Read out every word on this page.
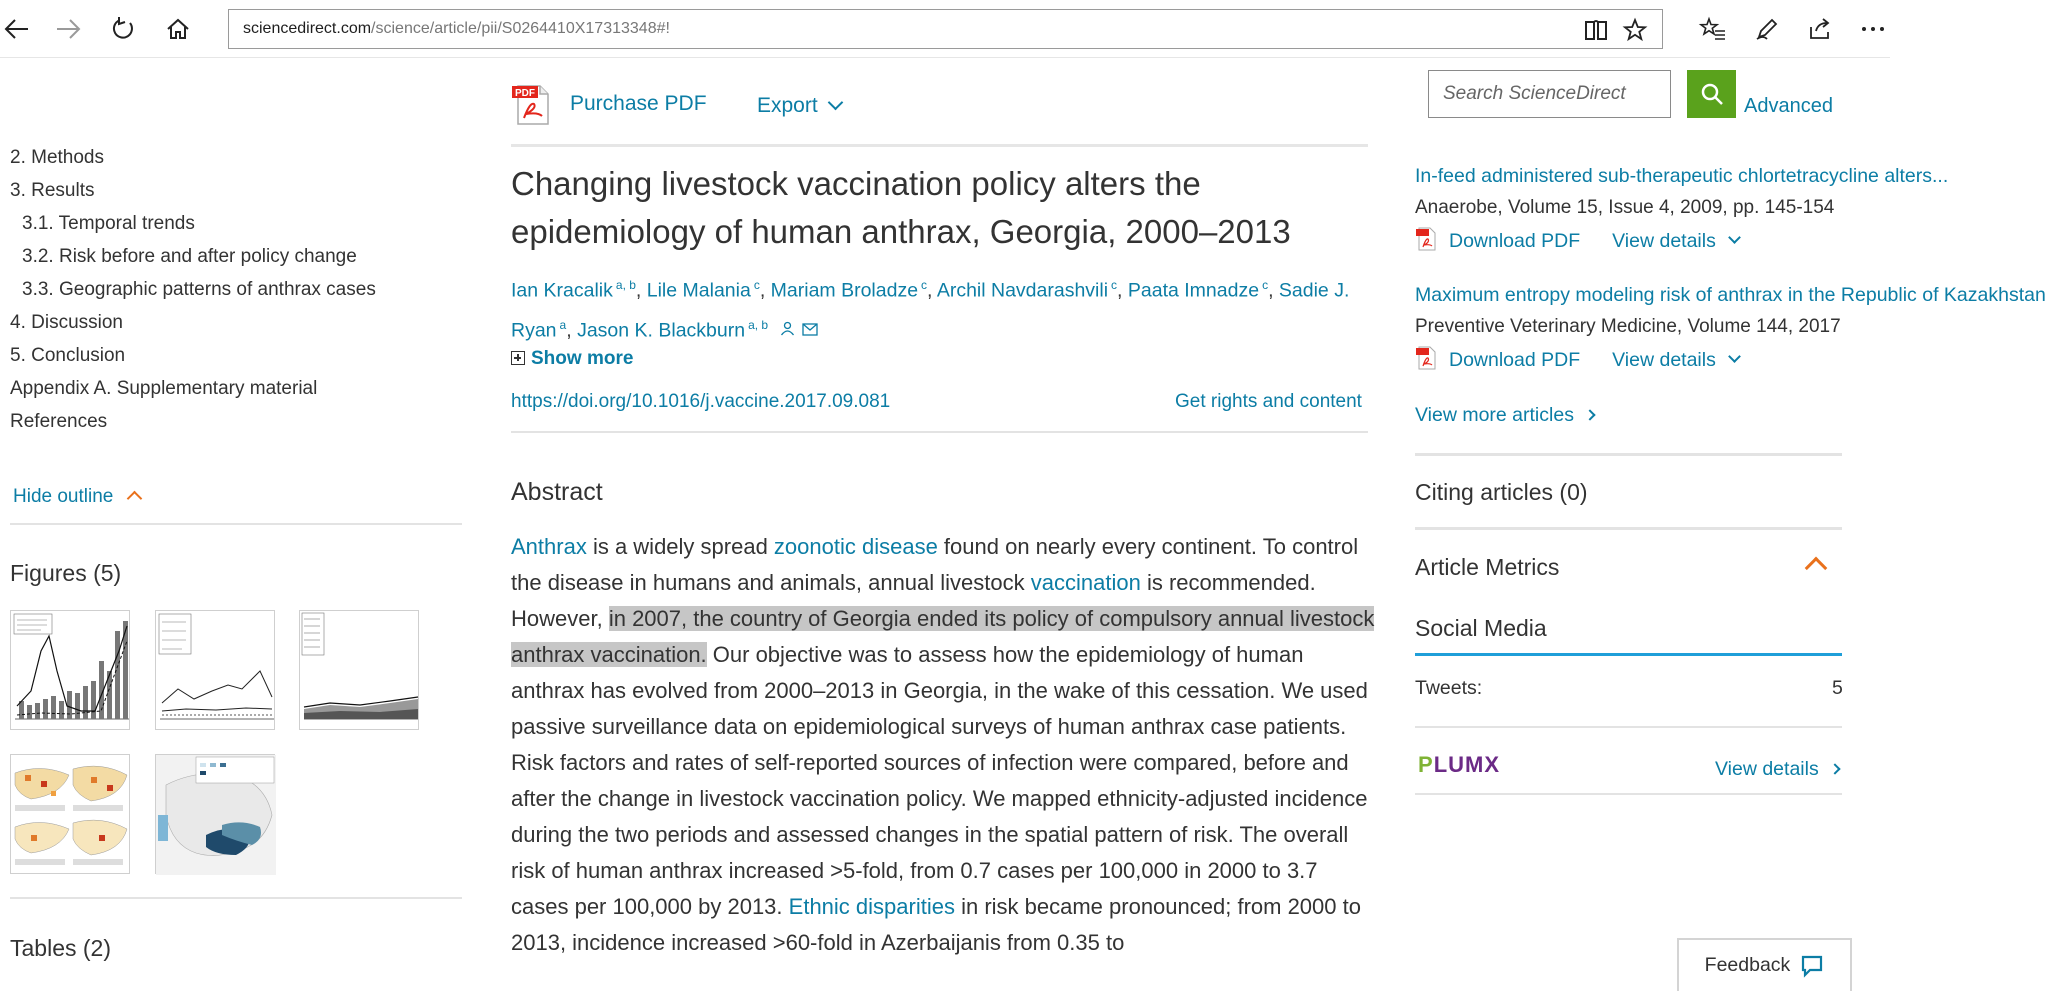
sciencedirect.com/science/article/pii/S0264410X17313348#!
PDF Purchase PDF Export
Search ScienceDirect	Advanced
2. Methods
3. Results
3.1. Temporal trends
3.2. Risk before and after policy change
3.3. Geographic patterns of anthrax cases
4. Discussion
5. Conclusion
Appendix A. Supplementary material
References
Hide outline
Figures (5)
Tables (2)
Changing livestock vaccination policy alters the
epidemiology of human anthrax, Georgia, 2000–2013
Ian Kracalik $^{a, b}$, Lile Malania $^c$, Mariam Broladze $^c$, Archil Navdarashvili $^c$, Paata Imnadze $^c$, Sadie J. Ryan $^a$, Jason K. Blackburn $^{a, b}$
Show more
https://doi.org/10.1016/j.vaccine.2017.09.081	Get rights and content
Abstract
Anthrax is a widely spread zoonotic disease found on nearly every continent. To control the disease in humans and animals, annual livestock vaccination is recommended. However, in 2007, the country of Georgia ended its policy of compulsory annual livestock anthrax vaccination. Our objective was to assess how the epidemiology of human anthrax has evolved from 2000–2013 in Georgia, in the wake of this cessation. We used passive surveillance data on epidemiological surveys of human anthrax case patients. Risk factors and rates of self-reported sources of infection were compared, before and after the change in livestock vaccination policy. We mapped ethnicity-adjusted incidence during the two periods and assessed changes in the spatial pattern of risk. The overall risk of human anthrax increased >5-fold, from 0.7 cases per 100,000 in 2000 to 3.7 cases per 100,000 by 2013. Ethnic disparities in risk became pronounced; from 2000 to 2013, incidence increased >60-fold in Azerbaijanis from 0.35 to
In-feed administered sub-therapeutic chlortetracycline alters...
Anaerobe, Volume 15, Issue 4, 2009, pp. 145-154
Download PDF View details
Maximum entropy modeling risk of anthrax in the Republic of Kazakhstan
Preventive Veterinary Medicine, Volume 144, 2017
Download PDF View details
View more articles
Citing articles (0)
Article Metrics
Social Media
Tweets:	5
PLUMX	View details
Feedback
